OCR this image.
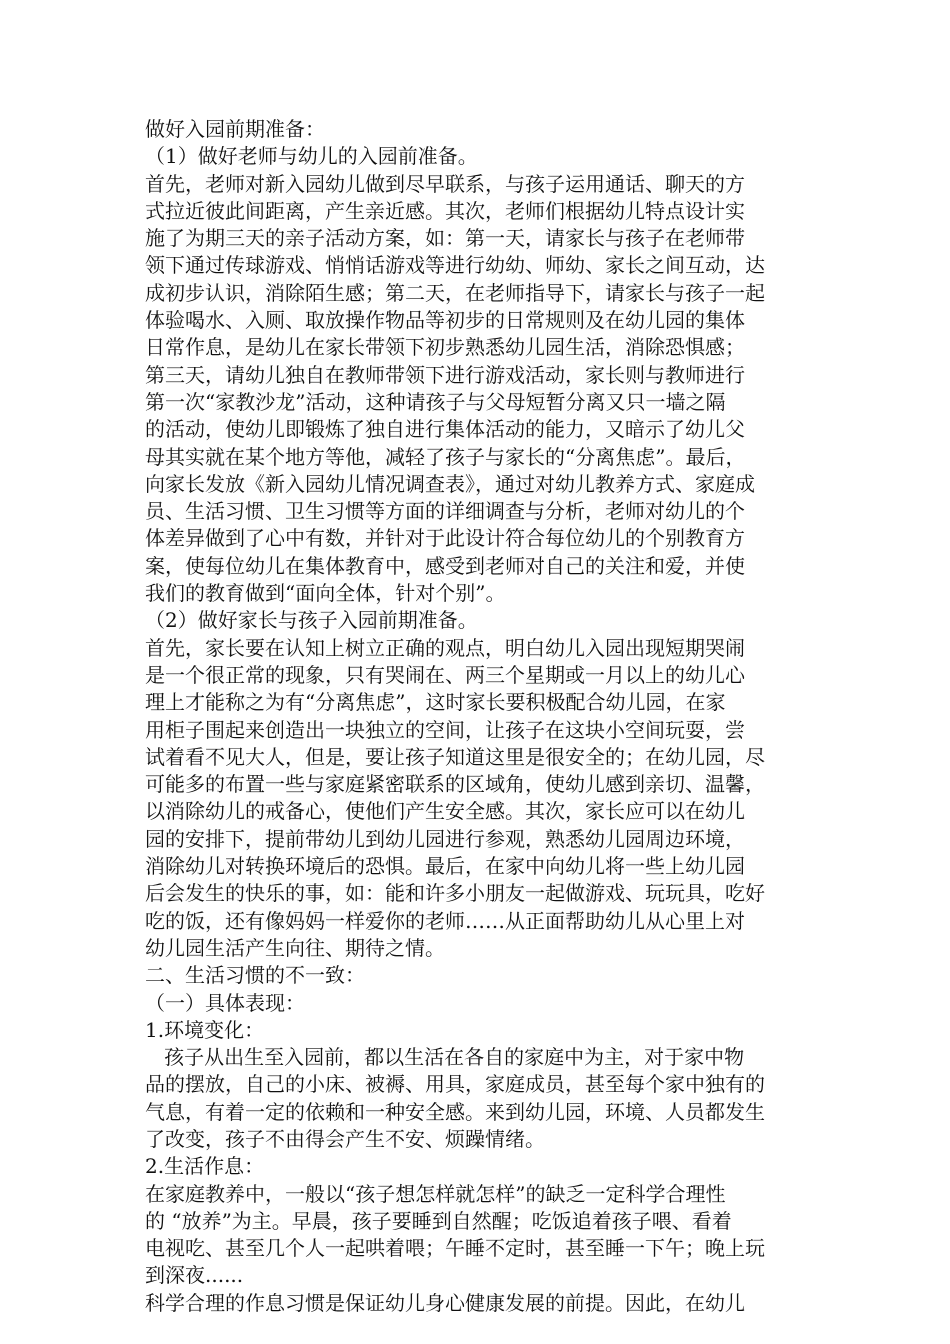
做好入园前期准备：
（1）做好老师与幼儿的入园前准备。
首先，老师对新入园幼儿做到尽早联系，与孩子运用通话、聊天的方
式拉近彼此间距离，产生亲近感。其次，老师们根据幼儿特点设计实
施了为期三天的亲子活动方案，如：第一天，请家长与孩子在老师带
领下通过传球游戏、悄悄话游戏等进行幼幼、师幼、家长之间互动，达
成初步认识，消除陌生感；第二天，在老师指导下，请家长与孩子一起
体验喝水、入厕、取放操作物品等初步的日常规则及在幼儿园的集体
日常作息，是幼儿在家长带领下初步熟悉幼儿园生活，消除恐惧感；
第三天，请幼儿独自在教师带领下进行游戏活动，家长则与教师进行
第一次“家教沙龙”活动，这种请孩子与父母短暂分离又只一墙之隔
的活动，使幼儿即锻炼了独自进行集体活动的能力，又暗示了幼儿父
母其实就在某个地方等他，减轻了孩子与家长的“分离焦虑”。最后，
向家长发放《新入园幼儿情况调查表》，通过对幼儿教养方式、家庭成
员、生活习惯、卫生习惯等方面的详细调查与分析，老师对幼儿的个
体差异做到了心中有数，并针对于此设计符合每位幼儿的个别教育方
案，使每位幼儿在集体教育中，感受到老师对自己的关注和爱，并使
我们的教育做到“面向全体，针对个别”。
（2）做好家长与孩子入园前期准备。
首先，家长要在认知上树立正确的观点，明白幼儿入园出现短期哭闹
是一个很正常的现象，只有哭闹在、两三个星期或一月以上的幼儿心
理上才能称之为有“分离焦虑”，这时家长要积极配合幼儿园，在家
用柜子围起来创造出一块独立的空间，让孩子在这块小空间玩耍，尝
试着看不见大人，但是，要让孩子知道这里是很安全的；在幼儿园，尽
可能多的布置一些与家庭紧密联系的区域角，使幼儿感到亲切、温馨，
以消除幼儿的戒备心，使他们产生安全感。其次，家长应可以在幼儿
园的安排下，提前带幼儿到幼儿园进行参观，熟悉幼儿园周边环境，
消除幼儿对转换环境后的恐惧。最后，在家中向幼儿将一些上幼儿园
后会发生的快乐的事，如：能和许多小朋友一起做游戏、玩玩具，吃好
吃的饭，还有像妈妈一样爱你的老师……从正面帮助幼儿从心里上对
幼儿园生活产生向往、期待之情。
二、生活习惯的不一致：
（一）具体表现：
1.环境变化：
孩子从出生至入园前，都以生活在各自的家庭中为主，对于家中物
品的摆放，自己的小床、被褥、用具，家庭成员，甚至每个家中独有的
气息，有着一定的依赖和一种安全感。来到幼儿园，环境、人员都发生
了改变，孩子不由得会产生不安、烦躁情绪。
2.生活作息：
在家庭教养中，一般以“孩子想怎样就怎样”的缺乏一定科学合理性
的 “放养”为主。早晨，孩子要睡到自然醒；吃饭追着孩子喂、看着
电视吃、甚至几个人一起哄着喂；午睡不定时，甚至睡一下午；晚上玩
到深夜......
科学合理的作息习惯是保证幼儿身心健康发展的前提。因此，在幼儿
